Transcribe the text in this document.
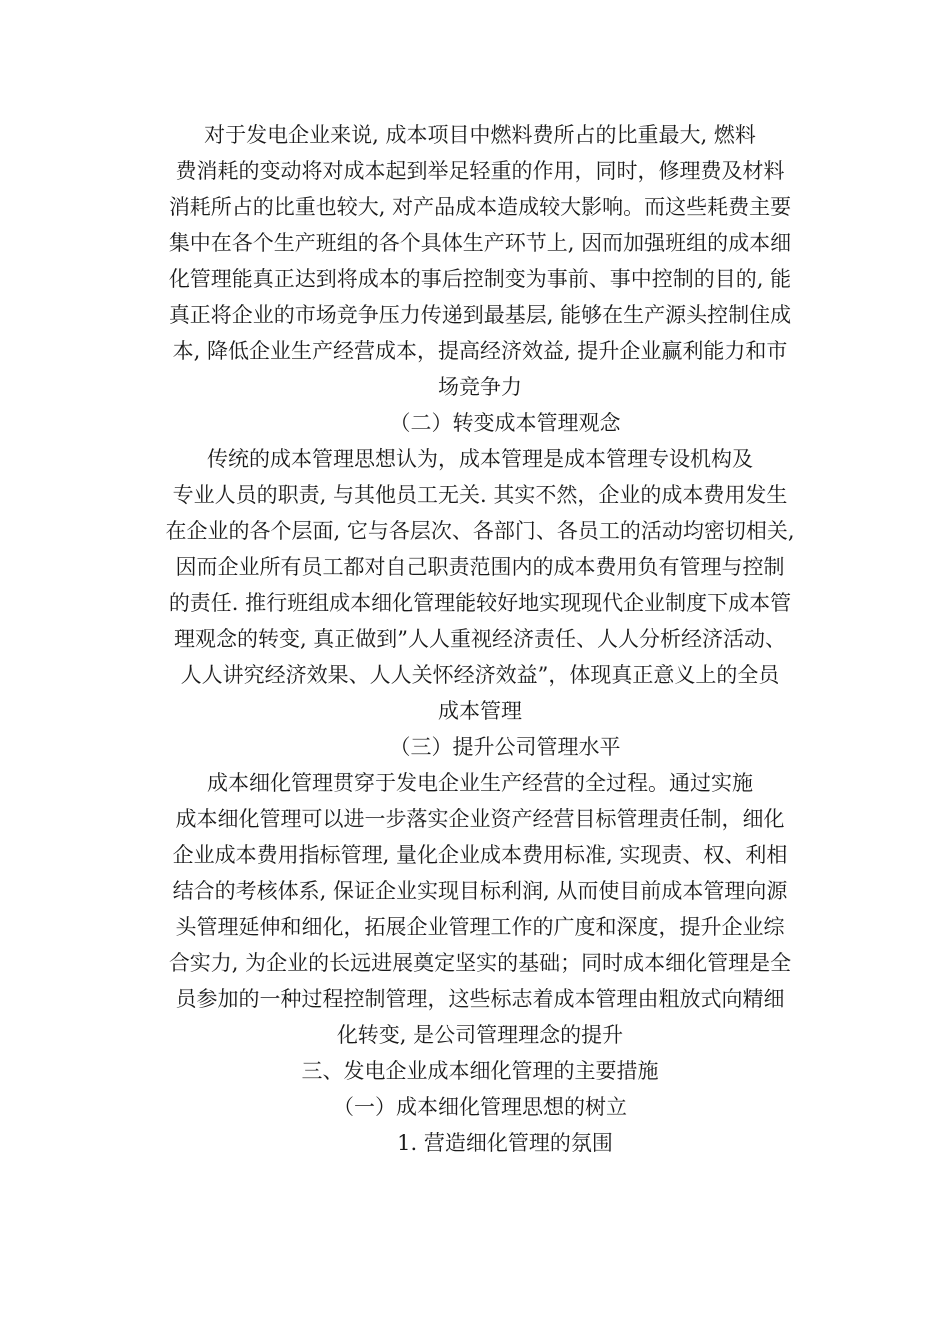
对于发电企业来说, 成本项目中燃料费所占的比重最大, 燃料
费消耗的变动将对成本起到举足轻重的作用，同时，修理费及材料
消耗所占的比重也较大, 对产品成本造成较大影响。而这些耗费主要
集中在各个生产班组的各个具体生产环节上, 因而加强班组的成本细
化管理能真正达到将成本的事后控制变为事前、事中控制的目的, 能
真正将企业的市场竞争压力传递到最基层, 能够在生产源头控制住成
本, 降低企业生产经营成本，提高经济效益, 提升企业赢利能力和市
场竞争力
（二）转变成本管理观念
传统的成本管理思想认为，成本管理是成本管理专设机构及
专业人员的职责, 与其他员工无关. 其实不然，企业的成本费用发生
在企业的各个层面, 它与各层次、各部门、各员工的活动均密切相关,
因而企业所有员工都对自己职责范围内的成本费用负有管理与控制
的责任. 推行班组成本细化管理能较好地实现现代企业制度下成本管
理观念的转变, 真正做到”人人重视经济责任、人人分析经济活动、
人人讲究经济效果、人人关怀经济效益”，体现真正意义上的全员
成本管理
（三）提升公司管理水平
成本细化管理贯穿于发电企业生产经营的全过程。通过实施
成本细化管理可以进一步落实企业资产经营目标管理责任制，细化
企业成本费用指标管理, 量化企业成本费用标准, 实现责、权、利相
结合的考核体系, 保证企业实现目标利润, 从而使目前成本管理向源
头管理延伸和细化，拓展企业管理工作的广度和深度，提升企业综
合实力, 为企业的长远进展奠定坚实的基础；同时成本细化管理是全
员参加的一种过程控制管理，这些标志着成本管理由粗放式向精细
化转变, 是公司管理理念的提升
三、发电企业成本细化管理的主要措施
（一）成本细化管理思想的树立
1. 营造细化管理的氛围
